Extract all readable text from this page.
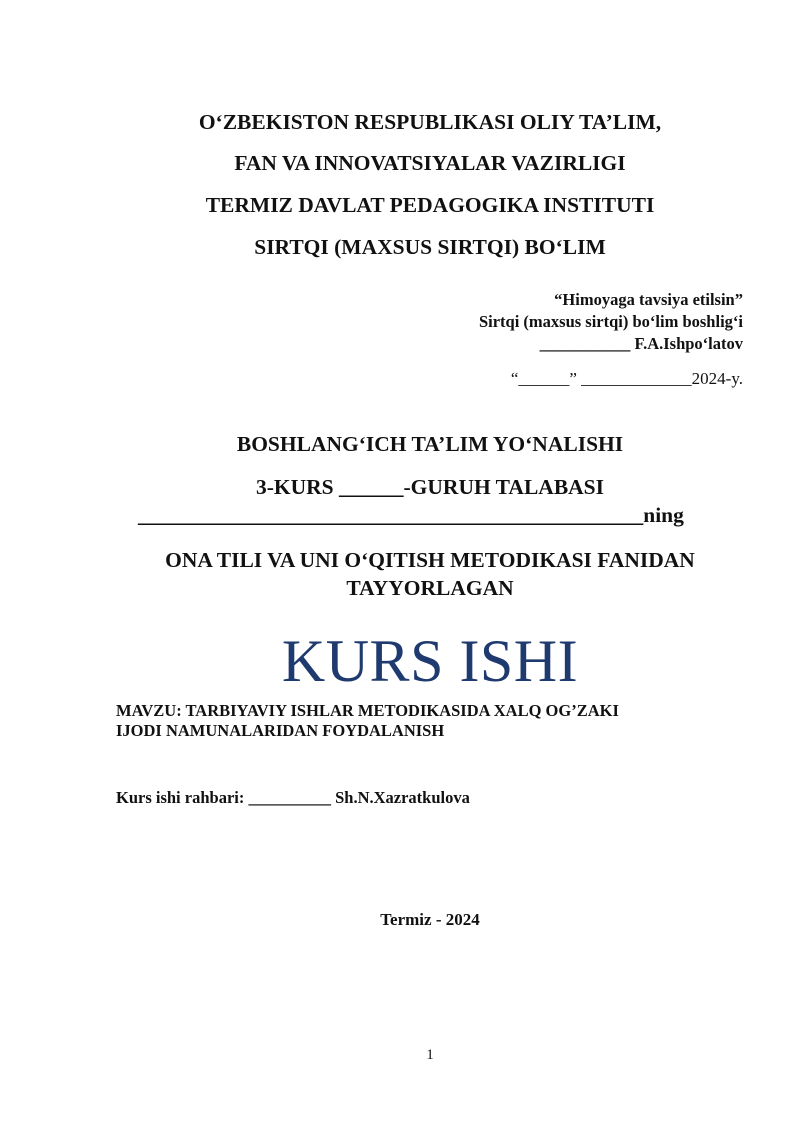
O‘ZBEKISTON RESPUBLIKASI OLIY TA’LIM,
FAN VA INNOVATSIYALAR VAZIRLIGI
TERMIZ DAVLAT PEDAGOGIKA INSTITUTI
SIRTQI (MAXSUS SIRTQI) BO‘LIM
“Himoyaga tavsiya etilsin”
Sirtqi (maxsus sirtqi) bo‘lim boshlig‘i
___________ F.A.Ishpo‘latov
“______” _____________2024-y.
BOSHLANG‘ICH TA’LIM YO‘NALISHI
3-KURS ______-GURUH TALABASI
_______________________________________________ning
ONA TILI VA UNI O‘QITISH METODIKASI FANIDAN
TAYYORLAGAN
KURS ISHI
MAVZU: TARBIYAVIY ISHLAR METODIKASIDA XALQ OG’ZAKI
IJODI NAMUNALARIDAN FOYDALANISH
Kurs ishi rahbari: __________ Sh.N.Xazratkulova
Termiz - 2024
1
